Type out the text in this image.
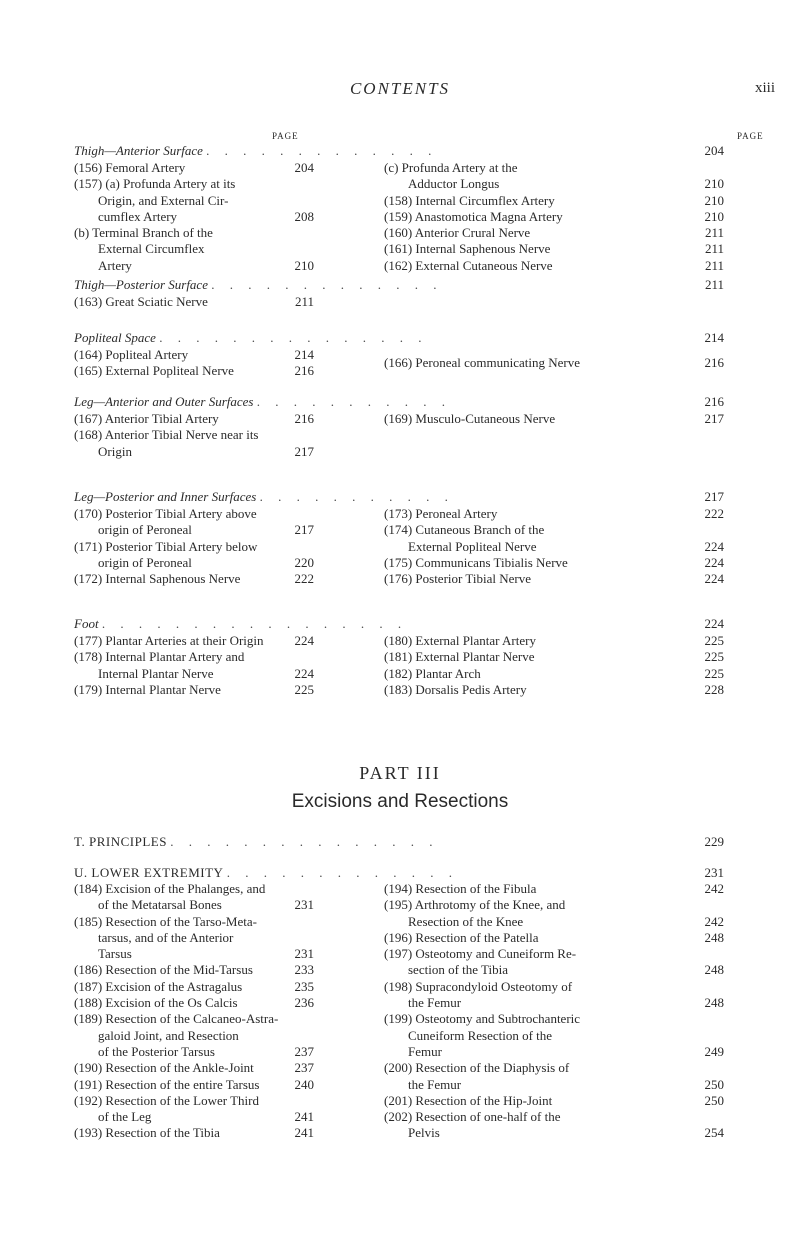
CONTENTS	xiii
PAGE	PAGE
Thigh—Anterior Surface . . . . . . . . . . . . .	204
Thigh—Posterior Surface . . . . . . . . . . . . .	211
Popliteal Space . . . . . . . . . . . . . . .	214
Leg—Anterior and Outer Surfaces . . . . . . . . . . .	216
Leg—Posterior and Inner Surfaces . . . . . . . . . . .	217
Foot . . . . . . . . . . . . . . . . .	224
PART III
Excisions and Resections
T. PRINCIPLES . . . . . . . . . . . . . . .	229
U. LOWER EXTREMITY . . . . . . . . . . . . .	231
(156) Femoral Artery	204
(157) (a) Profunda Artery at its
Origin, and External Cir-
cumflex Artery	208
(b) Terminal Branch of the
External Circumflex
Artery	210
(c) Profunda Artery at the
Adductor Longus	210
(158) Internal Circumflex Artery	210
(159) Anastomotica Magna Artery	210
(160) Anterior Crural Nerve	211
(161) Internal Saphenous Nerve	211
(162) External Cutaneous Nerve	211
(163) Great Sciatic Nerve	211
(164) Popliteal Artery	214
(165) External Popliteal Nerve	216
(166) Peroneal communicating Nerve	216
(167) Anterior Tibial Artery	216
(168) Anterior Tibial Nerve near its
Origin	217
(169) Musculo-Cutaneous Nerve	217
(170) Posterior Tibial Artery above
origin of Peroneal	217
(171) Posterior Tibial Artery below
origin of Peroneal	220
(172) Internal Saphenous Nerve	222
(173) Peroneal Artery	222
(174) Cutaneous Branch of the
External Popliteal Nerve	224
(175) Communicans Tibialis Nerve	224
(176) Posterior Tibial Nerve	224
(177) Plantar Arteries at their Origin 224
(178) Internal Plantar Artery and
Internal Plantar Nerve	224
(179) Internal Plantar Nerve	225
(180) External Plantar Artery	225
(181) External Plantar Nerve	225
(182) Plantar Arch	225
(183) Dorsalis Pedis Artery	228
(184) Excision of the Phalanges, and
of the Metatarsal Bones	231
(185) Resection of the Tarso-Meta-
tarsus, and of the Anterior
Tarsus	231
(186) Resection of the Mid-Tarsus	233
(187) Excision of the Astragalus	235
(188) Excision of the Os Calcis	236
(189) Resection of the Calcaneo-Astra-
galoid Joint, and Resection
of the Posterior Tarsus	237
(190) Resection of the Ankle-Joint	237
(191) Resection of the entire Tarsus	240
(192) Resection of the Lower Third
of the Leg	241
(193) Resection of the Tibia	241
(194) Resection of the Fibula	242
(195) Arthrotomy of the Knee, and
Resection of the Knee	242
(196) Resection of the Patella	248
(197) Osteotomy and Cuneiform Re-
section of the Tibia	248
(198) Supracondyloid Osteotomy of
the Femur	248
(199) Osteotomy and Subtrochanteric
Cuneiform Resection of the
Femur	249
(200) Resection of the Diaphysis of
the Femur	250
(201) Resection of the Hip-Joint	250
(202) Resection of one-half of the
Pelvis	254
